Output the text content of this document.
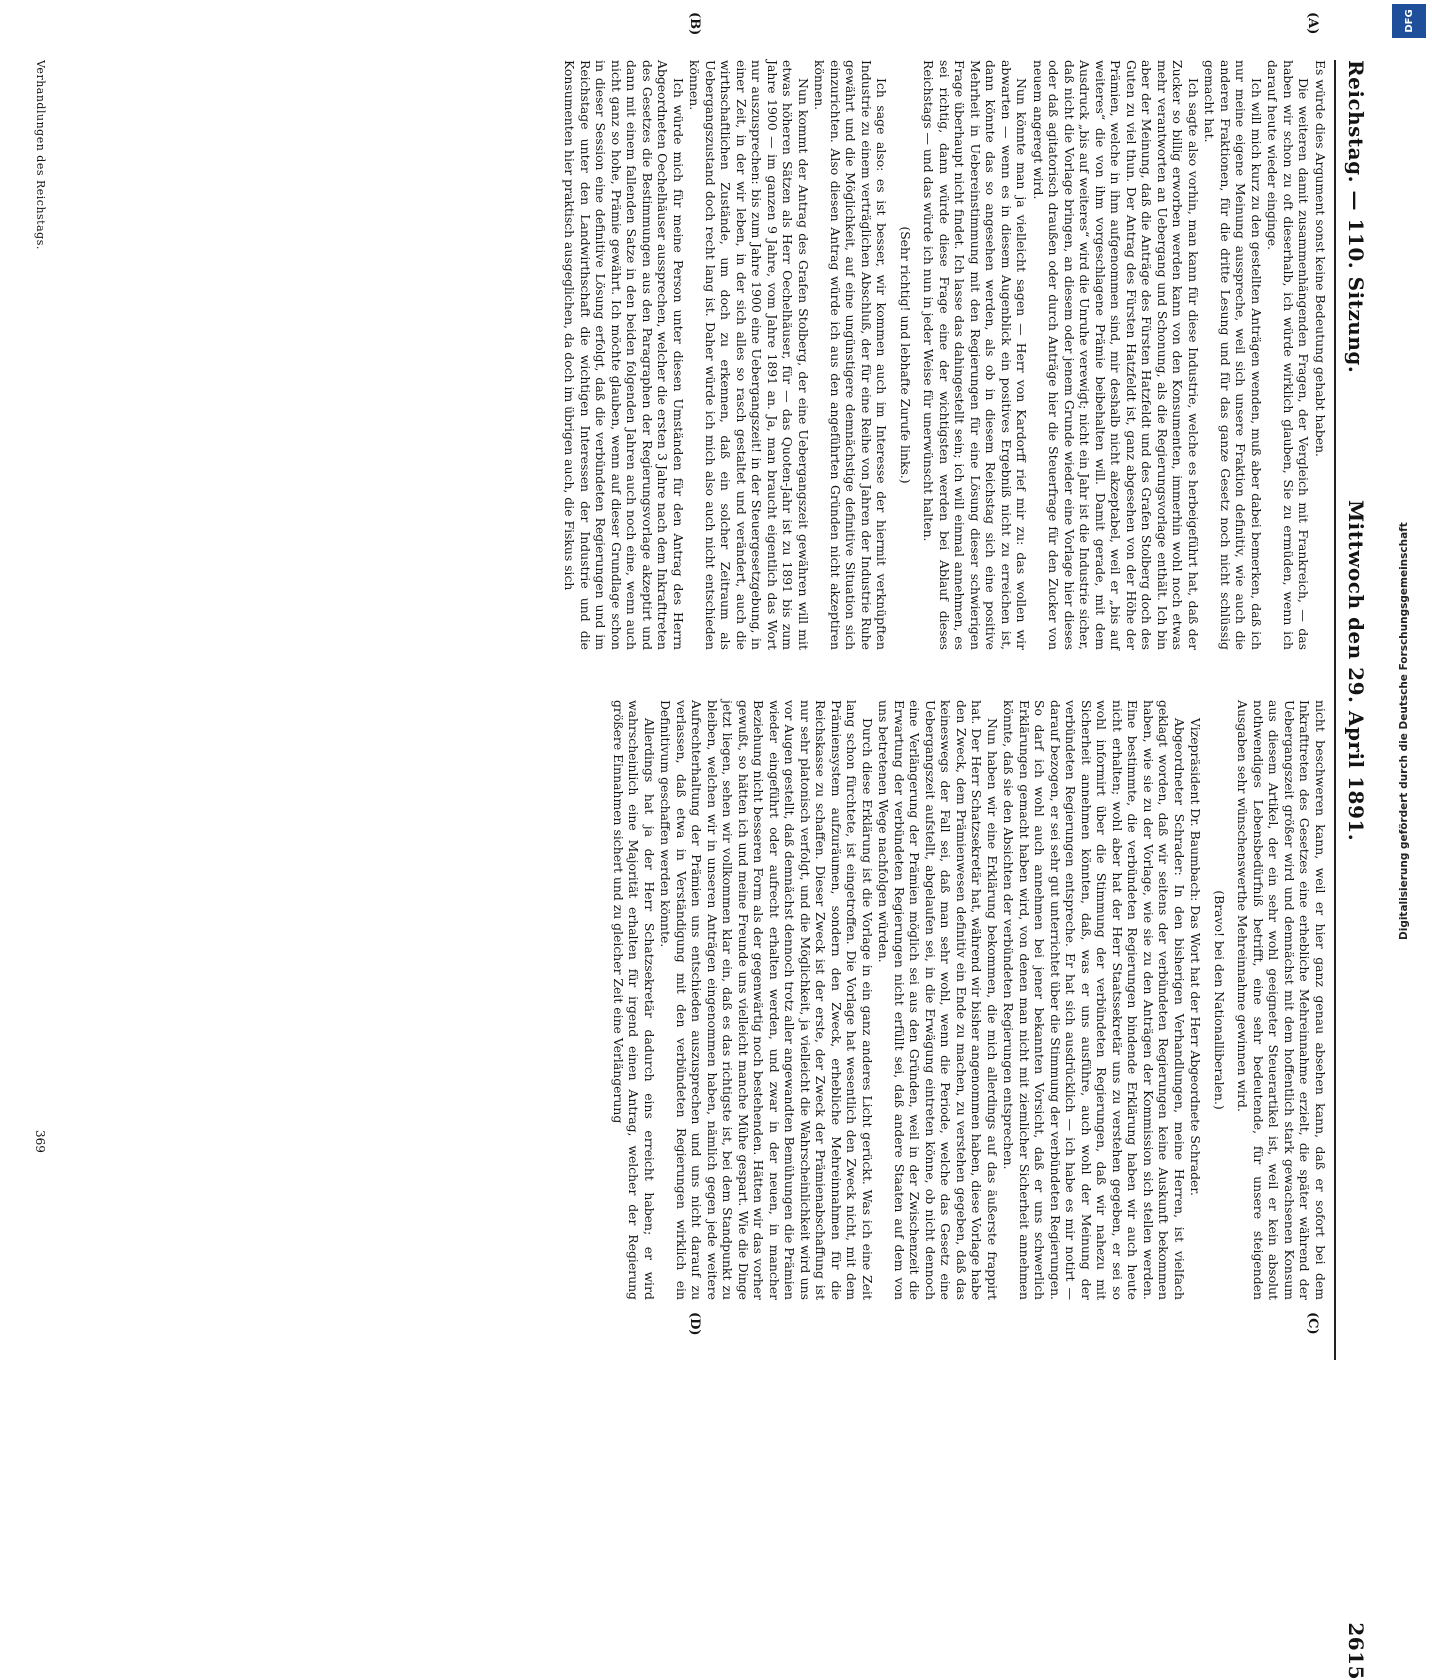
Reichstag. — 110. Sitzung.
Mittwoch den 29. April 1891.
2615
(A)
(B)
(C)
(D)

Es würde dies Argument sonst keine Bedeutung gehabt haben.

Die weiteren damit zusammenhängenden Fragen, der Vergleich mit Frankreich, — das haben wir schon zu oft dieserhalb, ich würde wirklich glauben, Sie zu ermüden, wenn ich darauf heute wieder einginge.

Ich will mich kurz zu den gestellten Anträgen wenden, muß aber dabei bemerken, daß ich nur meine eigene Meinung ausspreche, weil sich unsere Fraktion definitiv, wie auch die anderen Fraktionen, für die dritte Lesung und für das ganze Gesetz noch nicht schlüssig gemacht hat.

Ich sagte also vorhin, man kann für diese Industrie, welche es herbeigeführt hat, daß der Zucker so billig erworben werden kann von den Konsumenten, immerhin wohl noch etwas mehr verantworten an Uebergang und Schonung, als die Regierungsvorlage enthält. Ich bin aber der Meinung, daß die Anträge des Fürsten Hatzfeldt und des Grafen Stolberg doch des Guten zu viel thun. Der Antrag des Fürsten Hatzfeldt ist, ganz abgesehen von der Höhe der Prämien, welche in ihm aufgenommen sind, mir deshalb nicht akzeptabel, weil er „bis auf weiteres“ die von ihm vorgeschlagene Prämie beibehalten will. Damit gerade, mit dem Ausdruck „bis auf weiteres“ wird die Unruhe verewigt; nicht ein Jahr ist die Industrie sicher, daß nicht die Vorlage bringen, an diesem oder jenem Grunde wieder eine Vorlage hier dieses oder daß agitatorisch draußen oder durch Anträge hier die Steuerfrage für den Zucker von neuem angeregt wird.

Nun könnte man ja vielleicht sagen — Herr von Kardorff rief mir zu: das wollen wir abwarten — wenn es in diesem Augenblick ein positives Ergebniß nicht zu erreichen ist, dann könnte das so angesehen werden, als ob in diesem Reichstag sich eine positive Mehrheit in Uebereinstimmung mit den Regierungen für eine Lösung dieser schwierigen Frage überhaupt nicht findet. Ich lasse das dahingestellt sein; ich will einmal annehmen, es sei richtig, dann würde diese Frage eine der wichtigsten werden bei Ablauf dieses Reichstags — und das würde ich nun in jeder Weise für unerwünscht halten.

(Sehr richtig! und lebhafte Zurufe links.)

Ich sage also: es ist besser, wir kommen auch im Interesse der hiermit verknüpften Industrie zu einem verträglichen Abschluß, der für eine Reihe von Jahren der Industrie Ruhe gewährt und die Möglichkeit, auf eine ungünstigere demnächstige definitive Situation sich einzurichten. Also diesen Antrag würde ich aus den angeführten Gründen nicht akzeptiren können.

Nun kommt der Antrag des Grafen Stolberg, der eine Uebergangszeit gewähren will mit etwas höheren Sätzen als Herr Oechelhäuser, für — das Quoten-Jahr ist zu 1891 bis zum Jahre 1900 — im ganzen 9 Jahre, vom Jahre 1891 an. Ja, man braucht eigentlich das Wort nur auszusprechen: bis zum Jahre 1900 eine Uebergangszeit! in der Steuergesetzgebung, in einer Zeit, in der wir leben, in der sich alles so rasch gestaltet und verändert, auch die wirthschaftlichen Zustände, um doch zu erkennen, daß ein solcher Zeitraum als Uebergangszustand doch recht lang ist. Daher würde ich mich also auch nicht entschieden können.

Ich würde mich für meine Person unter diesen Umständen für den Antrag des Herrn Abgeordneten Oechelhäuser aussprechen, welcher die ersten 3 Jahre nach dem Inkrafttreten des Gesetzes die Bestimmungen aus den Paragraphen der Regierungsvorlage akzeptirt und dann mit einem fallenden Satze in den beiden folgenden Jahren auch noch eine, wenn auch nicht ganz so hohe, Prämie gewährt. Ich möchte glauben, wenn auf dieser Grundlage schon in dieser Session eine definitive Lösung erfolgt, daß die verbündeten Regierungen und im Reichstage unter den Landwirthschaft die wichtigen Interessen der Industrie und die Konsumenten hier praktisch ausgeglichen, da doch im übrigen auch, die Fiskus sich

nicht beschweren kann, weil er hier ganz genau absehen kann, daß er sofort bei dem Inkrafttreten des Gesetzes eine erhebliche Mehreinnahme erzielt, die später während der Uebergangszeit größer wird und demnächst mit dem hoffentlich stark gewachsenen Konsum aus diesem Artikel, der ein sehr wohl geeigneter Steuerartikel ist, weil er kein absolut nothwendiges Lebensbedürfniß betrifft, eine sehr bedeutende, für unsere steigenden Ausgaben sehr wünschenswerthe Mehreinnahme gewinnen wird.

(Bravo! bei den Nationalliberalen.)

Vizepräsident Dr. Baumbach: Das Wort hat der Herr Abgeordnete Schrader.

Abgeordneter Schrader: In den bisherigen Verhandlungen, meine Herren, ist vielfach geklagt worden, daß wir seitens der verbündeten Regierungen keine Auskunft bekommen haben, wie sie zu der Vorlage, wie sie zu den Anträgen der Kommission sich stellen werden. Eine bestimmte, die verbündeten Regierungen bindende Erklärung haben wir auch heute nicht erhalten; wohl aber hat der Herr Staatssekretär uns zu verstehen gegeben, er sei so wohl informirt über die Stimmung der verbündeten Regierungen, daß wir nahezu mit Sicherheit annehmen könnten, daß, was er uns ausführe, auch wohl der Meinung der verbündeten Regierungen entspreche. Er hat sich ausdrücklich — ich habe es mir notirt — darauf bezogen, er sei sehr gut unterrichtet über die Stimmung der verbündeten Regierungen. So darf ich wohl auch annehmen bei jener bekannten Vorsicht, daß er uns schwerlich Erklärungen gemacht haben wird, von denen man nicht mit ziemlicher Sicherheit annehmen könnte, daß sie den Absichten der verbündeten Regierungen entsprechen.

Nun haben wir eine Erklärung bekommen, die mich allerdings auf das äußerste frappirt hat. Der Herr Schatzsekretär hat, während wir bisher angenommen haben, diese Vorlage habe den Zweck, dem Prämienwesen definitiv ein Ende zu machen, zu verstehen gegeben, daß das keineswegs der Fall sei, daß man sehr wohl, wenn die Periode, welche das Gesetz eine Uebergangszeit aufstellt, abgelaufen sei, in die Erwägung eintreten könne, ob nicht dennoch eine Verlängerung der Prämien möglich sei aus den Gründen, weil in der Zwischenzeit die Erwartung der verbündeten Regierungen nicht erfüllt sei, daß andere Staaten auf dem von uns betretenen Wege nachfolgen würden.

Durch diese Erklärung ist die Vorlage in ein ganz anderes Licht gerückt. Was ich eine Zeit lang schon fürchtete, ist eingetroffen. Die Vorlage hat wesentlich den Zweck nicht, mit dem Prämiensystem aufzuräumen, sondern den Zweck, erhebliche Mehreinnahmen für die Reichskasse zu schaffen. Dieser Zweck ist der erste, der Zweck der Prämienabschaffung ist nur sehr platonisch verfolgt, und die Möglichkeit, ja vielleicht die Wahrscheinlichkeit wird uns vor Augen gestellt, daß demnächst dennoch trotz aller angewandten Bemühungen die Prämien wieder eingeführt oder aufrecht erhalten werden, und zwar in der neuen, in mancher Beziehung nicht besseren Form als der gegenwärtig noch bestehenden. Hätten wir das vorher gewußt, so hätten ich und meine Freunde uns vielleicht manche Mühe gespart. Wie die Dinge jetzt liegen, sehen wir vollkommen klar ein, daß es das richtigste ist, bei dem Standpunkt zu bleiben, welchen wir in unseren Anträgen eingenommen haben, nämlich gegen jede weitere Aufrechterhaltung der Prämien uns entschieden auszusprechen und uns nicht darauf zu verlassen, daß etwa in Verständigung mit den verbündeten Regierungen wirklich ein Definitivum geschaffen werden könnte.

Allerdings hat ja der Herr Schatzsekretär dadurch eins erreicht haben; er wird wahrscheinlich eine Majorität erhalten für irgend einen Antrag, welcher der Regierung größere Einnahmen sichert und zu gleicher Zeit eine Verlängerung

Verhandlungen des Reichstags.
369
DFG
Digitalisierung gefördert durch die Deutsche Forschungsgemeinschaft
